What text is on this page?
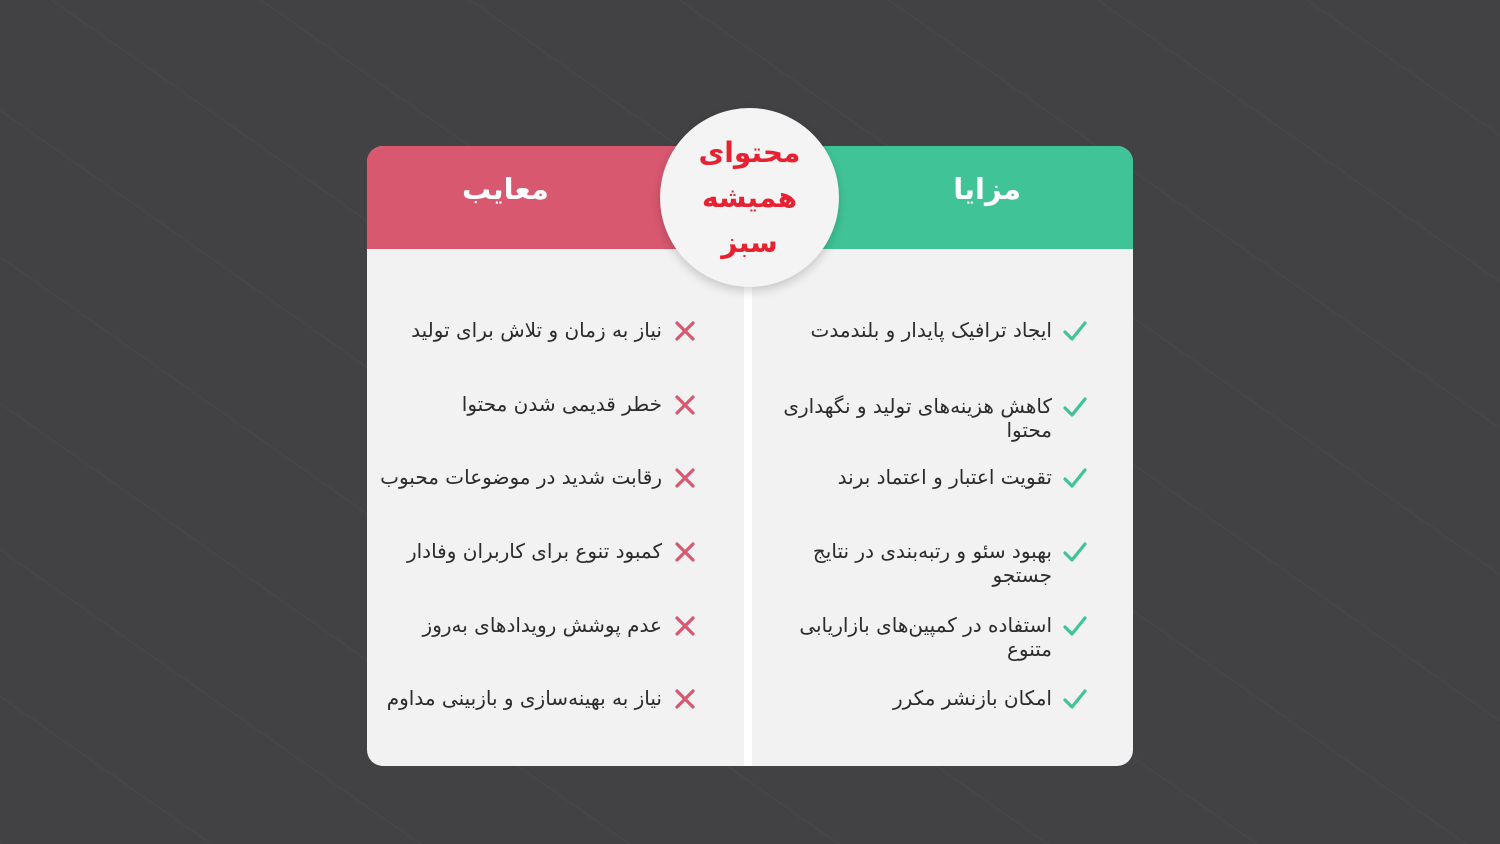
معایب	مزایا
محتوای همیشه سبز
ایجاد ترافیک پایدار و بلندمدت
کاهش هزینه‌های تولید و نگهداری محتوا
تقویت اعتبار و اعتماد برند
بهبود سئو و رتبه‌بندی در نتایج جستجو
استفاده در کمپین‌های بازاریابی متنوع
امکان بازنشر مکرر
نیاز به زمان و تلاش برای تولید
خطر قدیمی شدن محتوا
رقابت شدید در موضوعات محبوب
کمبود تنوع برای کاربران وفادار
عدم پوشش رویدادهای به‌روز
نیاز به بهینه‌سازی و بازبینی مداوم
